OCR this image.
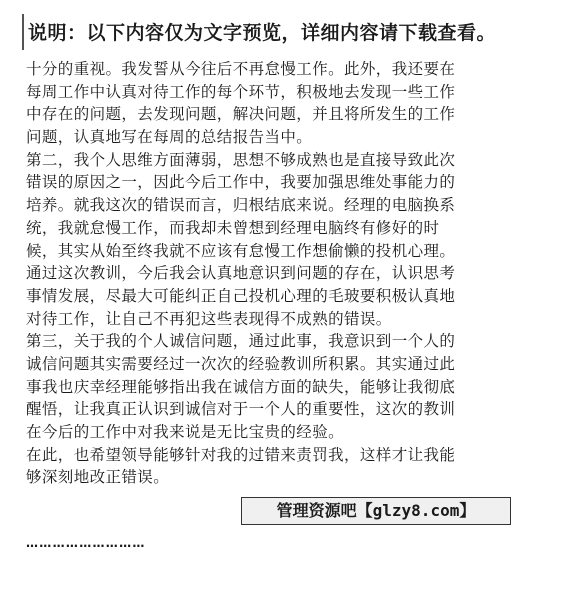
说明：以下内容仅为文字预览，详细内容请下载查看。
十分的重视。我发誓从今往后不再怠慢工作。此外，我还要在
每周工作中认真对待工作的每个环节，积极地去发现一些工作
中存在的问题，去发现问题，解决问题，并且将所发生的工作
问题，认真地写在每周的总结报告当中。
第二，我个人思维方面薄弱，思想不够成熟也是直接导致此次
错误的原因之一，因此今后工作中，我要加强思维处事能力的
培养。就我这次的错误而言，归根结底来说。经理的电脑换系
统，我就怠慢工作，而我却未曾想到经理电脑终有修好的时
候，其实从始至终我就不应该有怠慢工作想偷懒的投机心理。
通过这次教训，今后我会认真地意识到问题的存在，认识思考
事情发展，尽最大可能纠正自己投机心理的毛玻要积极认真地
对待工作，让自己不再犯这些表现得不成熟的错误。
第三，关于我的个人诚信问题，通过此事，我意识到一个人的
诚信问题其实需要经过一次次的经验教训所积累。其实通过此
事我也庆幸经理能够指出我在诚信方面的缺失，能够让我彻底
醒悟，让我真正认识到诚信对于一个人的重要性，这次的教训
在今后的工作中对我来说是无比宝贵的经验。
在此，也希望领导能够针对我的过错来责罚我，这样才让我能
够深刻地改正错误。
管理资源吧【glzy8.com】
………………………
